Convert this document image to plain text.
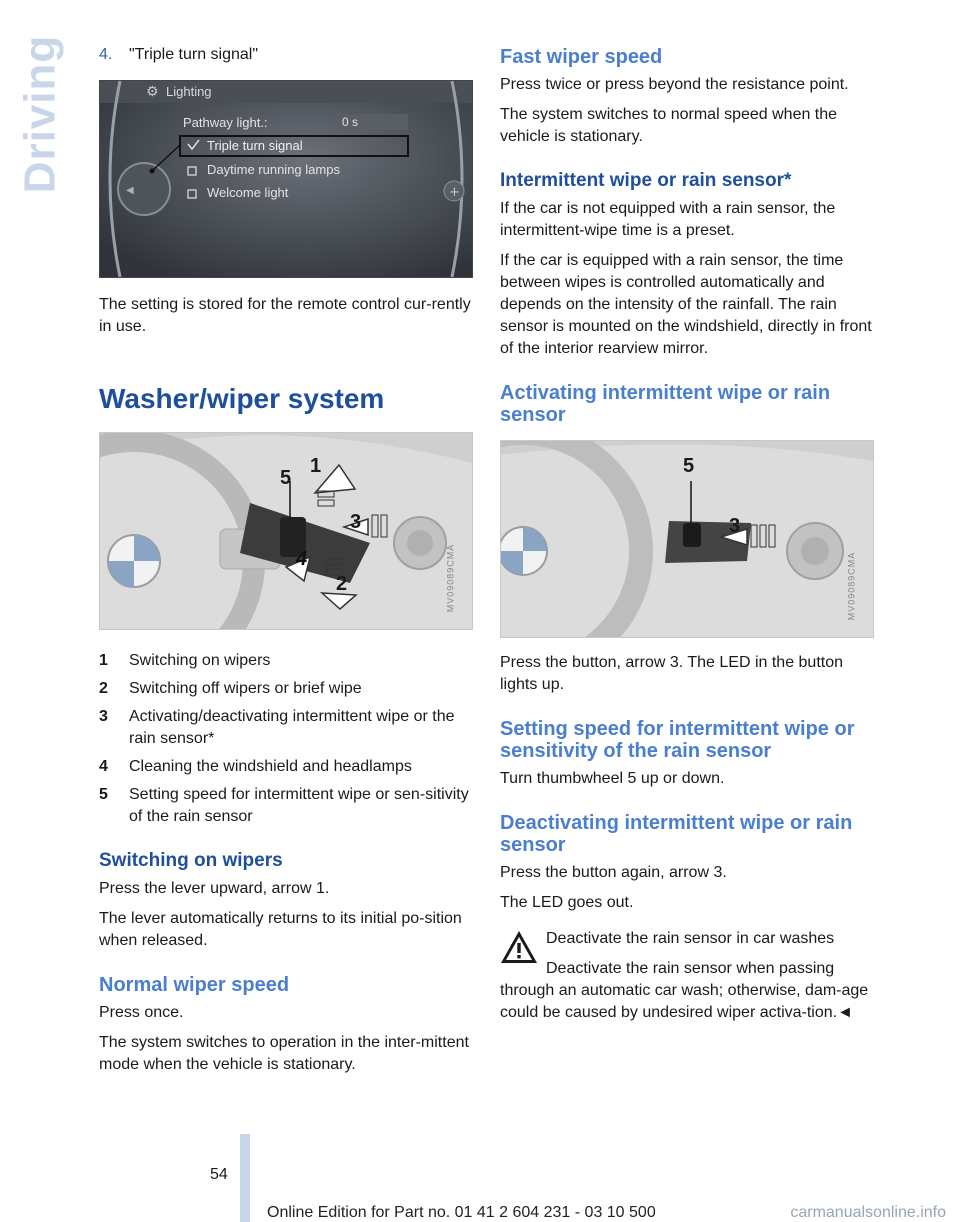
Driving 4.	"Triple turn signal"
◀	+
Lighting
⚙
Pathway light.:	0 s
Triple turn signal
Daytime running lamps
Welcome light

The setting is stored for the remote control cur-rently in use.

Washer/wiper system
1
2
3
4
5
MV09089CMA
1	Switching on wipers
2	Switching off wipers or brief wipe
3	Activating/deactivating intermittent wipe or the rain sensor*
4	Cleaning the windshield and headlamps
5	Setting speed for intermittent wipe or sen-sitivity of the rain sensor
Switching on wipers

Press the lever upward, arrow 1.

The lever automatically returns to its initial po-sition when released.

Normal wiper speed

Press once.

The system switches to operation in the inter-mittent mode when the vehicle is stationary.

Fast wiper speed

Press twice or press beyond the resistance point.

The system switches to normal speed when the vehicle is stationary.

Intermittent wipe or rain sensor*

If the car is not equipped with a rain sensor, the intermittent-wipe time is a preset.

If the car is equipped with a rain sensor, the time between wipes is controlled automatically and depends on the intensity of the rainfall. The rain sensor is mounted on the windshield, directly in front of the interior rearview mirror.

Activating intermittent wipe or rain sensor
5
3
MV09089CMA

Press the button, arrow 3. The LED in the button lights up.

Setting speed for intermittent wipe or sensitivity of the rain sensor

Turn thumbwheel 5 up or down.

Deactivating intermittent wipe or rain sensor

Press the button again, arrow 3.

The LED goes out.

Deactivate the rain sensor in car washes

Deactivate the rain sensor when passing through an automatic car wash; otherwise, dam-age could be caused by undesired wiper activa-tion.◄

54
Online Edition for Part no. 01 41 2 604 231 - 03 10 500	carmanualsonline.info
